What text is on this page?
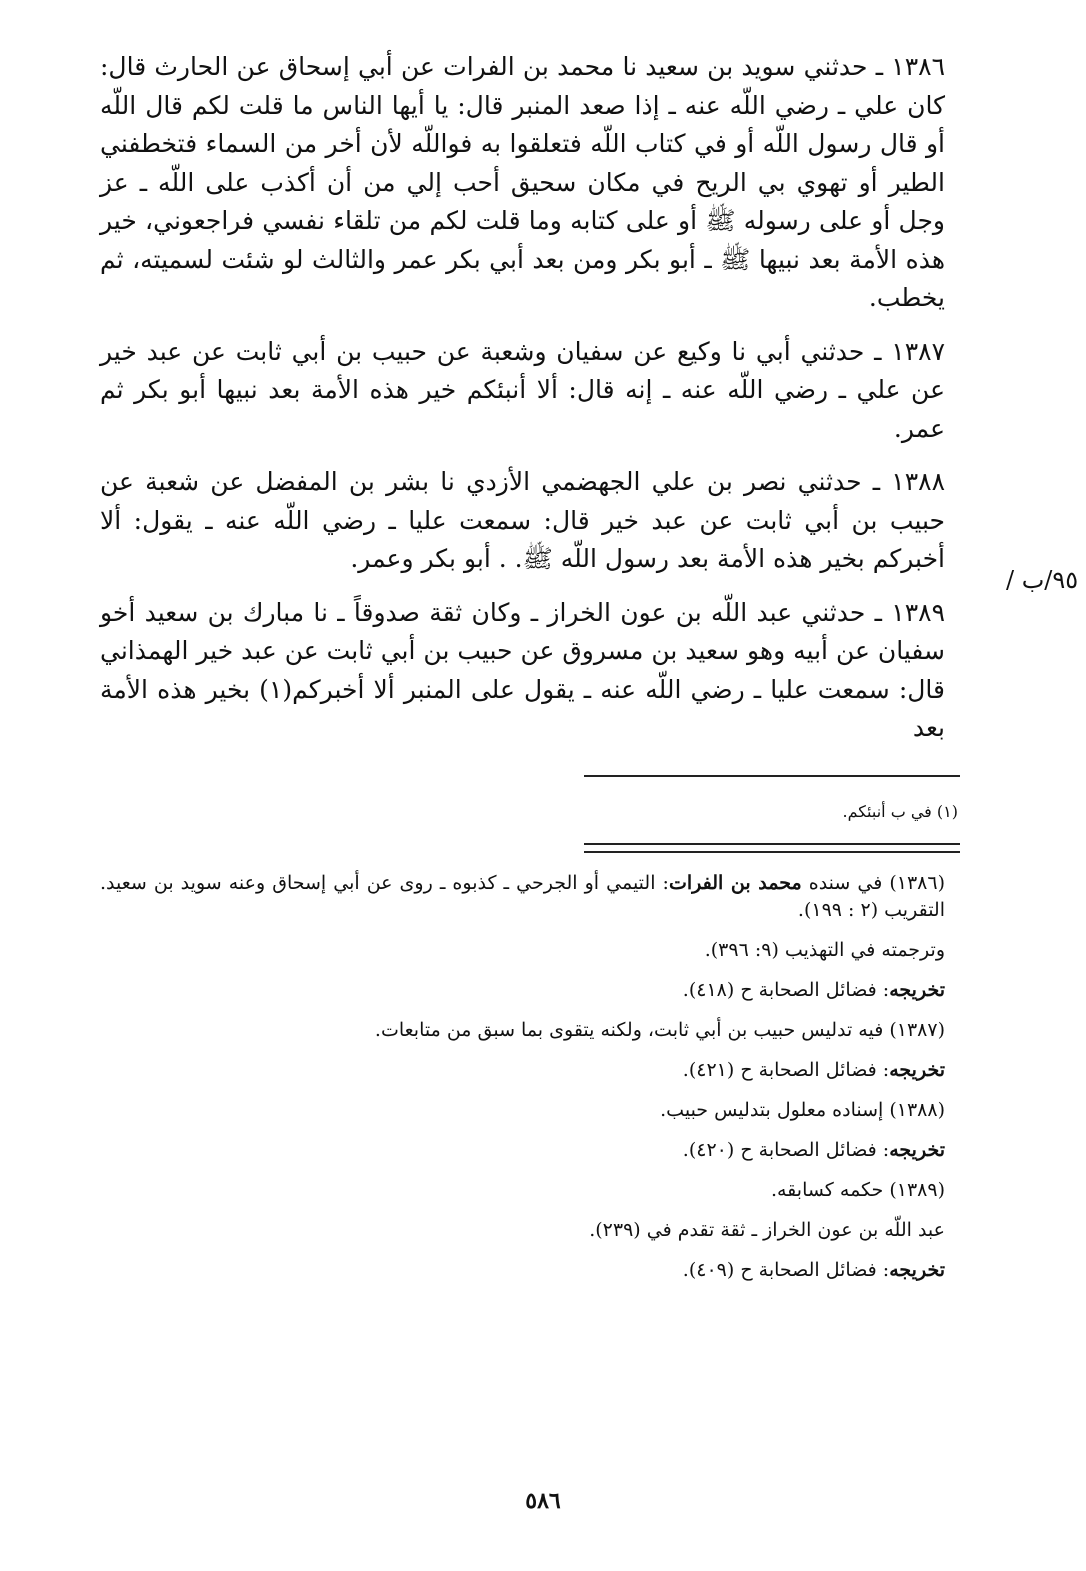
١٣٨٦ ـ حدثني سويد بن سعيد نا محمد بن الفرات عن أبي إسحاق عن الحارث قال: كان علي ـ رضي اللّه عنه ـ إذا صعد المنبر قال: يا أيها الناس ما قلت لكم قال اللّه أو قال رسول اللّه أو في كتاب اللّه فتعلقوا به فواللّه لأن أخر من السماء فتخطفني الطير أو تهوي بي الريح في مكان سحيق أحب إلي من أن أكذب على اللّه ـ عز وجل أو على رسوله ﷺ أو على كتابه وما قلت لكم من تلقاء نفسي فراجعوني، خير هذه الأمة بعد نبيها ﷺ ـ أبو بكر ومن بعد أبي بكر عمر والثالث لو شئت لسميته، ثم يخطب.

١٣٨٧ ـ حدثني أبي نا وكيع عن سفيان وشعبة عن حبيب بن أبي ثابت عن عبد خير عن علي ـ رضي اللّه عنه ـ إنه قال: ألا أنبئكم خير هذه الأمة بعد نبيها أبو بكر ثم عمر.

١٣٨٨ ـ حدثني نصر بن علي الجهضمي الأزدي نا بشر بن المفضل عن شعبة عن حبيب بن أبي ثابت عن عبد خير قال: سمعت عليا ـ رضي اللّه عنه ـ يقول: ألا أخبركم بخير هذه الأمة بعد رسول اللّه ﷺ. . أبو بكر وعمر.

١٣٨٩ ـ حدثني عبد اللّه بن عون الخراز ـ وكان ثقة صدوقاً ـ نا مبارك بن سعيد أخو سفيان عن أبيه وهو سعيد بن مسروق عن حبيب بن أبي ثابت عن عبد خير الهمذاني قال: سمعت عليا ـ رضي اللّه عنه ـ يقول على المنبر ألا أخبركم(١) بخير هذه الأمة بعد

٩٥/ب /
(١) في ب أنبئكم.

(١٣٨٦) في سنده محمد بن الفرات: التيمي أو الجرحي ـ كذبوه ـ روى عن أبي إسحاق وعنه سويد بن سعيد. التقريب (٢ : ١٩٩).

وترجمته في التهذيب (٩: ٣٩٦).

تخريجه: فضائل الصحابة ح (٤١٨).

(١٣٨٧) فيه تدليس حبيب بن أبي ثابت، ولكنه يتقوى بما سبق من متابعات.

تخريجه: فضائل الصحابة ح (٤٢١).

(١٣٨٨) إسناده معلول بتدليس حبيب.

تخريجه: فضائل الصحابة ح (٤٢٠).

(١٣٨٩) حكمه كسابقه.

عبد اللّه بن عون الخراز ـ ثقة تقدم في (٢٣٩).

تخريجه: فضائل الصحابة ح (٤٠٩).

٥٨٦
